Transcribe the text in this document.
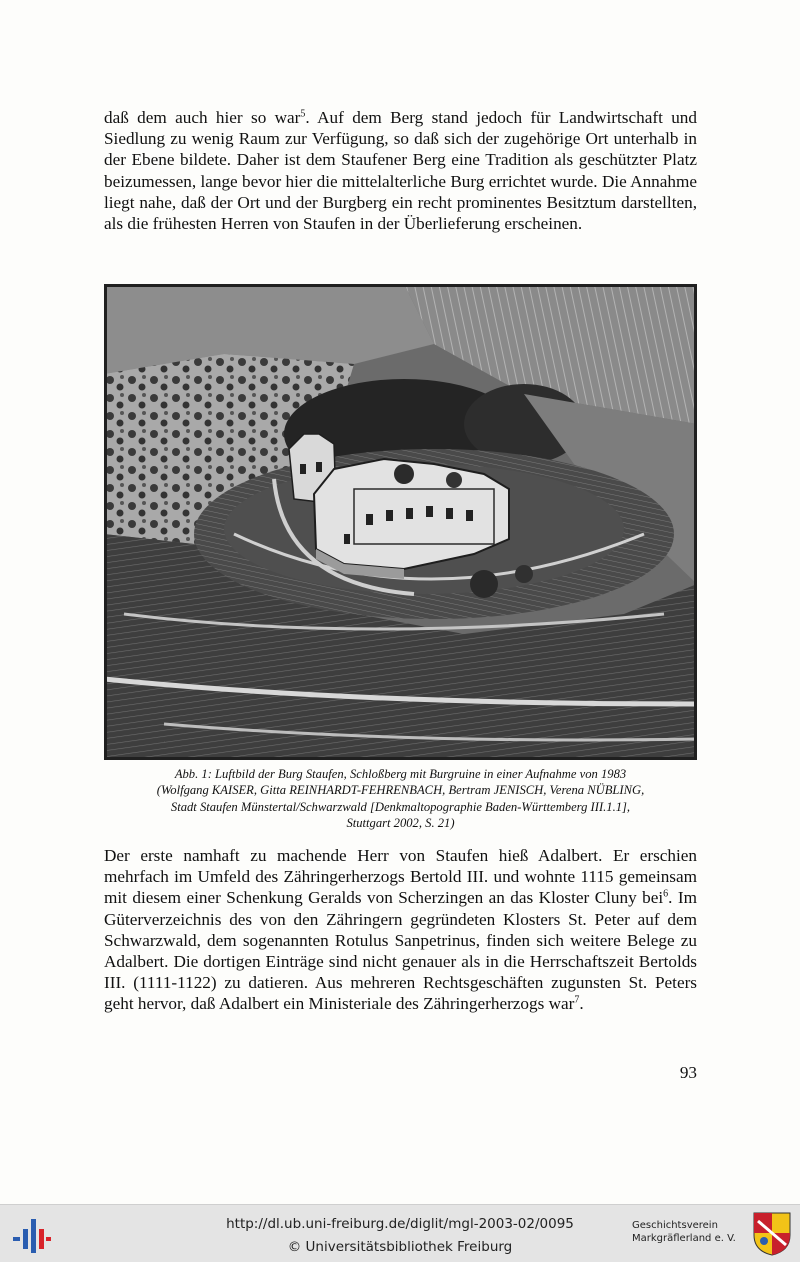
daß dem auch hier so war$^5$. Auf dem Berg stand jedoch für Landwirtschaft und Siedlung zu wenig Raum zur Verfügung, so daß sich der zugehörige Ort unterhalb in der Ebene bildete. Daher ist dem Staufener Berg eine Tradition als geschützter Platz beizumessen, lange bevor hier die mittelalterliche Burg errichtet wurde. Die Annahme liegt nahe, daß der Ort und der Burgberg ein recht prominentes Besitztum darstellten, als die frühesten Herren von Staufen in der Überlieferung erscheinen.

Abb. 1: Luftbild der Burg Staufen, Schloßberg mit Burgruine in einer Aufnahme von 1983
(Wolfgang KAISER, Gitta REINHARDT-FEHRENBACH, Bertram JENISCH, Verena NÜBLING,
Stadt Staufen Münstertal/Schwarzwald [Denkmaltopographie Baden-Württemberg III.1.1],
Stuttgart 2002, S. 21)

Der erste namhaft zu machende Herr von Staufen hieß Adalbert. Er erschien mehrfach im Umfeld des Zähringerherzogs Bertold III. und wohnte 1115 gemeinsam mit diesem einer Schenkung Geralds von Scherzingen an das Kloster Cluny bei$^6$. Im Güterverzeichnis des von den Zähringern gegründeten Klosters St. Peter auf dem Schwarzwald, dem sogenannten Rotulus Sanpetrinus, finden sich weitere Belege zu Adalbert. Die dortigen Einträge sind nicht genauer als in die Herrschaftszeit Bertolds III. (1111-1122) zu datieren. Aus mehreren Rechtsgeschäften zugunsten St. Peters geht hervor, daß Adalbert ein Ministeriale des Zähringerherzogs war$^7$.

93
http://dl.ub.uni-freiburg.de/diglit/mgl-2003-02/0095
© Universitätsbibliothek Freiburg
Geschichtsverein
Markgräflerland e. V.
